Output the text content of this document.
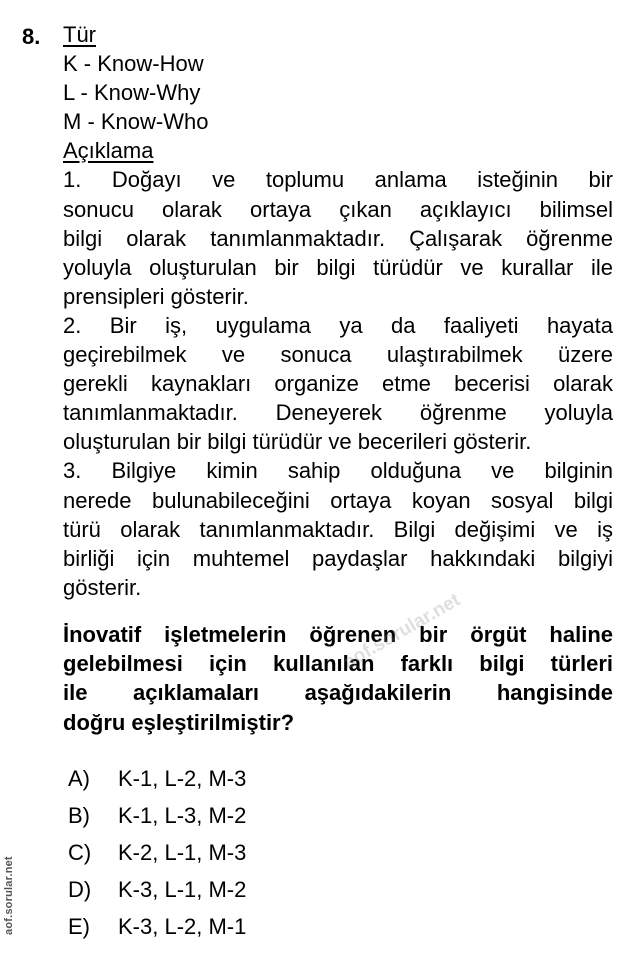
8. Tür
K - Know-How
L - Know-Why
M - Know-Who
Açıklama
1. Doğayı ve toplumu anlama isteğinin bir
sonucu olarak ortaya çıkan açıklayıcı bilimsel
bilgi olarak tanımlanmaktadır. Çalışarak öğrenme
yoluyla oluşturulan bir bilgi türüdür ve kurallar ile
prensipleri gösterir.
2. Bir iş, uygulama ya da faaliyeti hayata
geçirebilmek ve sonuca ulaştırabilmek üzere
gerekli kaynakları organize etme becerisi olarak
tanımlanmaktadır. Deneyerek öğrenme yoluyla
oluşturulan bir bilgi türüdür ve becerileri gösterir.
3. Bilgiye kimin sahip olduğuna ve bilginin
nerede bulunabileceğini ortaya koyan sosyal bilgi
türü olarak tanımlanmaktadır. Bilgi değişimi ve iş
birliği için muhtemel paydaşlar hakkındaki bilgiyi
gösterir.
İnovatif işletmelerin öğrenen bir örgüt haline
gelebilmesi için kullanılan farklı bilgi türleri
ile açıklamaları aşağıdakilerin hangisinde
doğru eşleştirilmiştir?
A) K-1, L-2, M-3
B) K-1, L-3, M-2
C) K-2, L-1, M-3
D) K-3, L-1, M-2
E) K-3, L-2, M-1
aof.sorular.net
aof.sorular.net
